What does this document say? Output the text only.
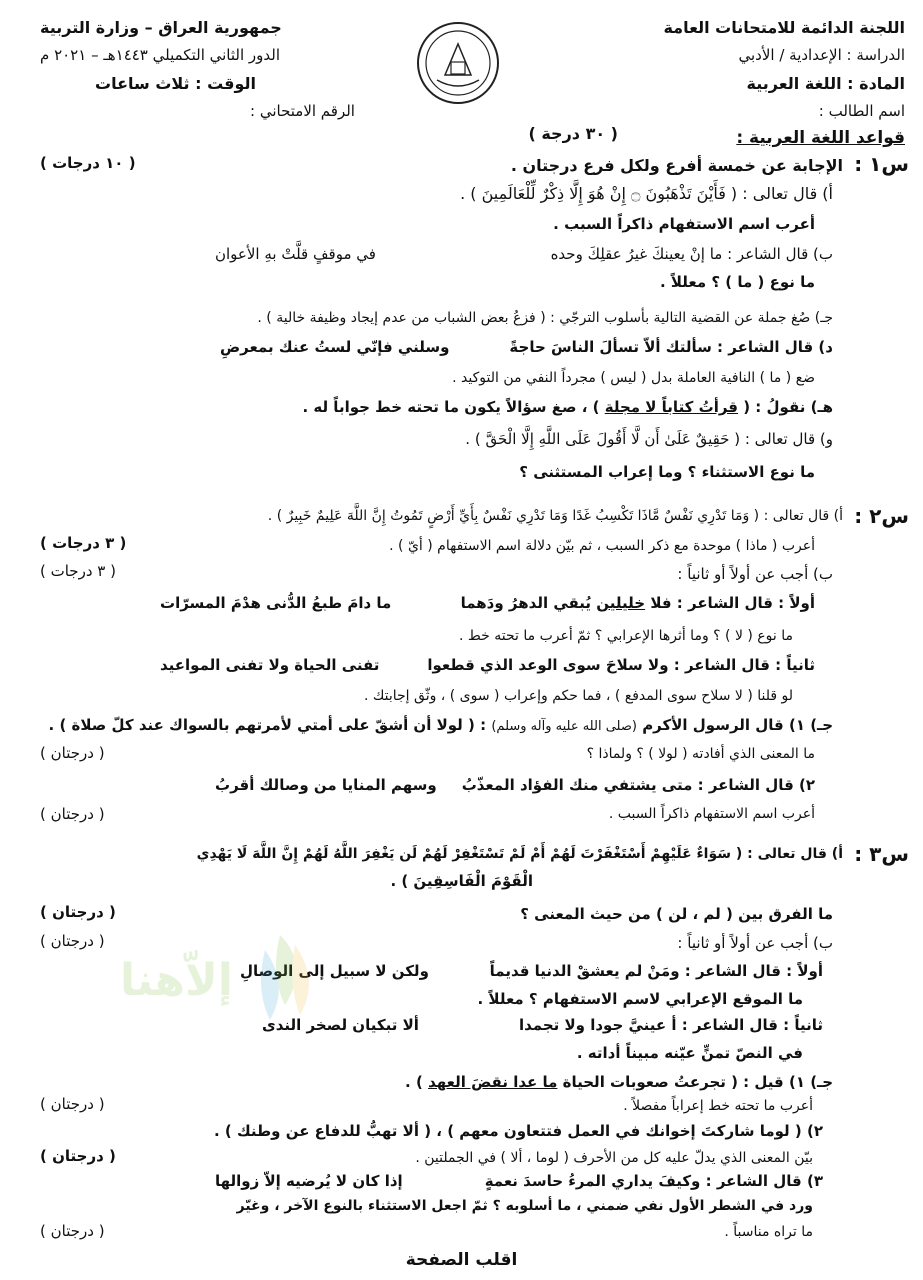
اللجنة الدائمة للامتحانات العامة
الدراسة : الإعدادية / الأدبي
المادة : اللغة العربية
اسم الطالب :
جمهورية العراق – وزارة التربية
الدور الثاني التكميلي ١٤٤٣هـ – ٢٠٢١ م
الوقت : ثلاث ساعات
الرقم الامتحاني :
قواعد اللغة العربية :
( ٣٠ درجة )
س١ :
الإجابة عن خمسة أفرع ولكل فرع درجتان .
( ١٠ درجات )
أ) قال تعالى : ( فَأَيْنَ تَذْهَبُونَ ۝ إِنْ هُوَ إِلَّا ذِكْرٌ لِّلْعَالَمِينَ ) .
أعرب اسم الاستفهام ذاكراً السبب .
ب) قال الشاعر : ما إنْ يعينكَ غيرُ عقلِكَ وحده
في موقفٍ قلَّتْ بهِ الأعوان
ما نوع ( ما ) ؟ معللاً .
جـ) صُغ جملة عن القضية التالية بأسلوب الترجّي : ( فزعُ بعض الشباب من عدم إيجاد وظيفة خالية ) .
د) قال الشاعر : سألتك ألاّ تسألَ الناسَ حاجةً
وسلني فإنّي لستُ عنك بمعرضِ
ضع ( ما ) النافية العاملة بدل ( ليس ) مجرداً النفي من التوكيد .
هـ) نقولُ : ( قرأتُ كتاباً لا مجلة ) ، صغ سؤالاً يكون ما تحته خط جواباً له .
و) قال تعالى : ( حَقِيقٌ عَلَىٰ أَن لَّا أَقُولَ عَلَى اللَّهِ إِلَّا الْحَقَّ ) .
ما نوع الاستثناء ؟ وما إعراب المستثنى ؟
س٢ :
أ) قال تعالى : ( وَمَا تَدْرِي نَفْسٌ مَّاذَا تَكْسِبُ غَدًا وَمَا تَدْرِي نَفْسٌ بِأَيِّ أَرْضٍ تَمُوتُ إِنَّ اللَّهَ عَلِيمٌ خَبِيرٌ ) .
أعرب ( ماذا ) موحدة مع ذكر السبب ، ثم بيّن دلالة اسم الاستفهام ( أيّ ) .
( ٣ درجات )
ب) أجب عن أولاً أو ثانياً :
( ٣ درجات )
أولاً : قال الشاعر : فلا خليلين يُبقي الدهرُ ودَهما
ما دامَ طبعُ الدُّنى هدْمَ المسرّات
ما نوع ( لا ) ؟ وما أثرها الإعرابي ؟ ثمّ أعرب ما تحته خط .
ثانياً : قال الشاعر : ولا سلاحَ سوى الوعد الذي قطعوا
تفنى الحياة ولا تفنى المواعيد
لو قلنا ( لا سلاح سوى المدفع ) ، فما حكم وإعراب ( سوى ) ، وثّق إجابتك .
جـ) ١) قال الرسول الأكرم (صلى الله عليه وآله وسلم) : ( لولا أن أشقّ على أمتي لأمرتهم بالسواك عند كلّ صلاة ) .
ما المعنى الذي أفادته ( لولا ) ؟ ولماذا ؟
( درجتان )
٢) قال الشاعر : متى يشتفي منك الفؤاد المعذّبُ
وسهم المنايا من وصالك أقربُ
أعرب اسم الاستفهام ذاكراً السبب .
( درجتان )
س٣ :
أ) قال تعالى : ( سَوَاءٌ عَلَيْهِمْ أَسْتَغْفَرْتَ لَهُمْ أَمْ لَمْ تَسْتَغْفِرْ لَهُمْ لَن يَغْفِرَ اللَّهُ لَهُمْ إِنَّ اللَّهَ لَا يَهْدِي
الْقَوْمَ الْفَاسِقِينَ ) .
ما الفرق بين ( لم ، لن ) من حيث المعنى ؟
( درجتان )
ب) أجب عن أولاً أو ثانياً :
( درجتان )
أولاً : قال الشاعر : ومَنْ لم يعشقْ الدنيا قديماً
ولكن لا سبيل إلى الوصالِ
ما الموقع الإعرابي لاسم الاستفهام ؟ معللاً .
ثانياً : قال الشاعر : أ عينيَّ جودا ولا تجمدا
ألا تبكيان لصخر الندى
في النصّ تمنٍّ عيّنه مبيناً أداته .
جـ) ١) قيل : ( تجرعتُ صعوبات الحياة ما عدا نقضَ العهد ) .
أعرب ما تحته خط إعراباً مفصلاً .
( درجتان )
٢) ( لوما شاركتَ إخوانك في العمل فتتعاون معهم ) ، ( ألا تهبُّ للدفاع عن وطنك ) .
بيّن المعنى الذي يدلّ عليه كل من الأحرف ( لوما ، ألا ) في الجملتين .
( درجتان )
٣) قال الشاعر : وكيفَ يداري المرءُ حاسدَ نعمةٍ
إذا كان لا يُرضيه إلاّ زوالها
ورد في الشطر الأول نفي ضمني ، ما أسلوبه ؟ ثمّ اجعل الاستثناء بالنوع الآخر ، وغيّر
ما تراه مناسباً .
( درجتان )
اقلب الصفحة
إلاّهنا
